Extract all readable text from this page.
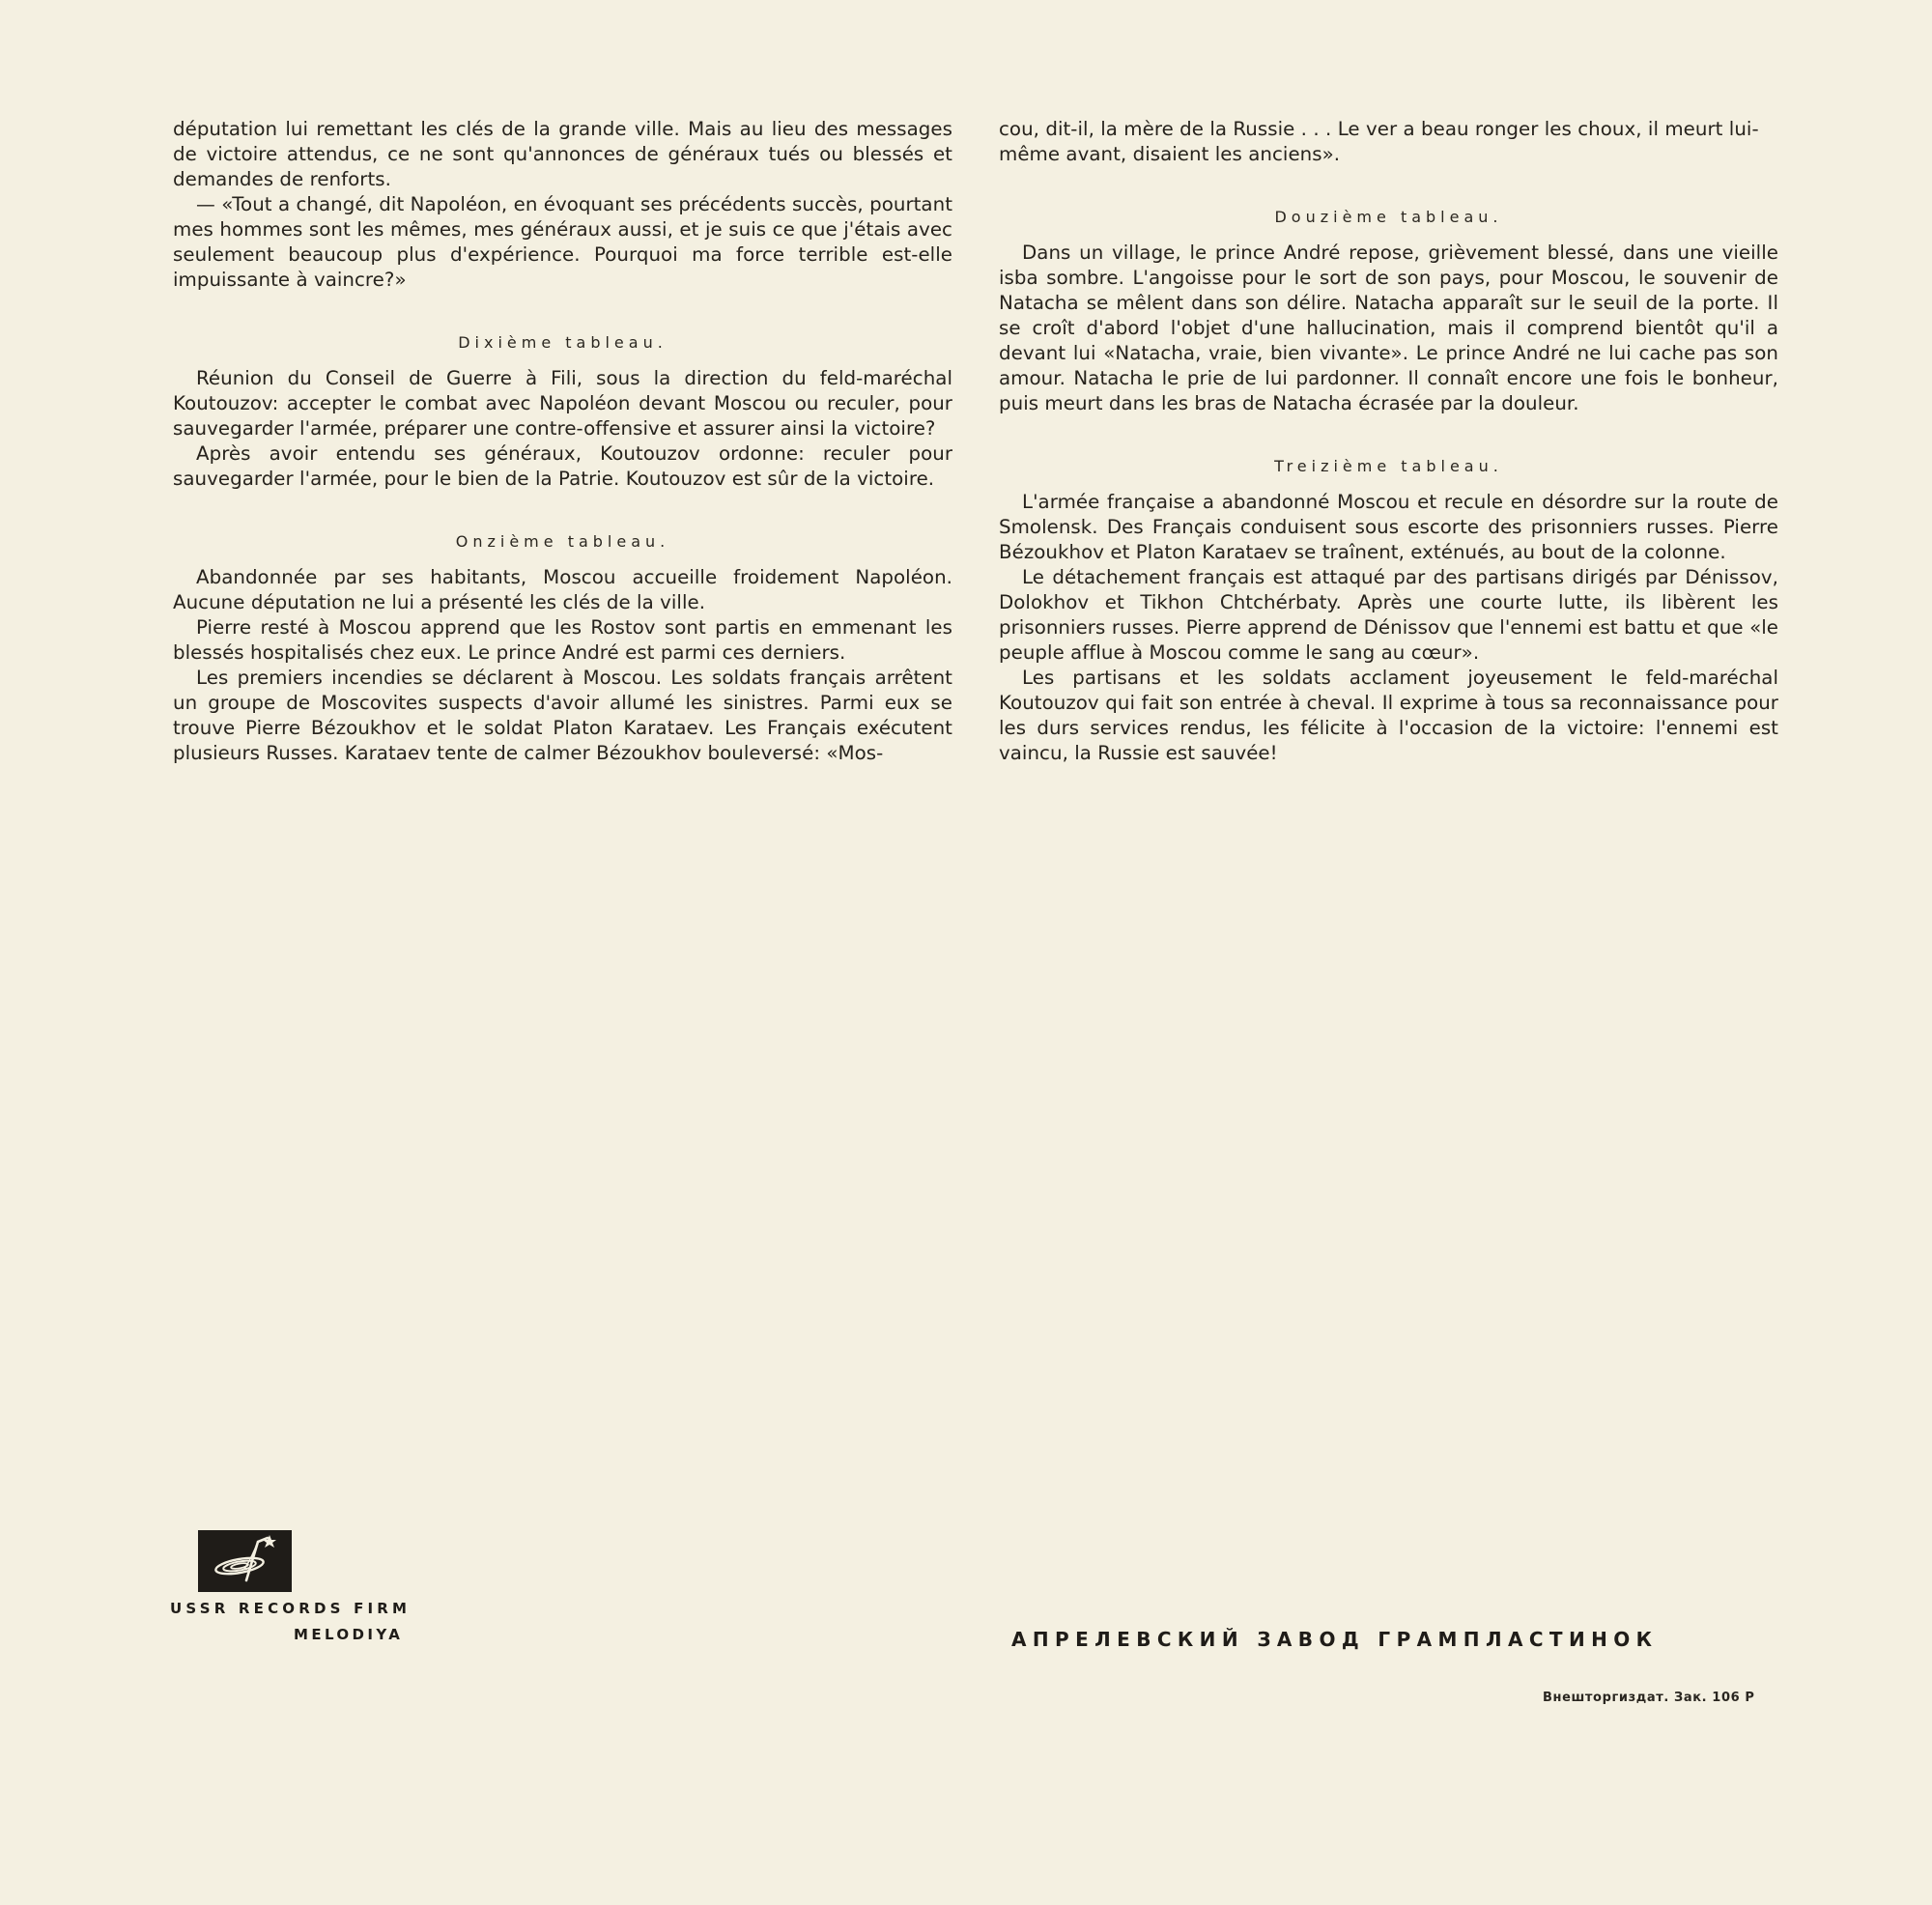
députation lui remettant les clés de la grande ville. Mais au lieu des messages de victoire attendus, ce ne sont qu'annonces de généraux tués ou blessés et demandes de renforts.

— «Tout a changé, dit Napoléon, en évoquant ses précédents succès, pourtant mes hommes sont les mêmes, mes généraux aussi, et je suis ce que j'étais avec seulement beaucoup plus d'expérience. Pourquoi ma force terrible est-elle impuissante à vaincre?»

Dixième tableau.

Réunion du Conseil de Guerre à Fili, sous la direction du feld-maréchal Koutouzov: accepter le combat avec Napoléon devant Moscou ou reculer, pour sauvegarder l'armée, préparer une contre-offensive et assurer ainsi la victoire?

Après avoir entendu ses généraux, Koutouzov ordonne: reculer pour sauvegarder l'armée, pour le bien de la Patrie. Koutouzov est sûr de la victoire.

Onzième tableau.

Abandonnée par ses habitants, Moscou accueille froidement Napoléon. Aucune députation ne lui a présenté les clés de la ville.

Pierre resté à Moscou apprend que les Rostov sont partis en emmenant les blessés hospitalisés chez eux. Le prince André est parmi ces derniers.

Les premiers incendies se déclarent à Moscou. Les soldats français arrêtent un groupe de Moscovites suspects d'avoir allumé les sinistres. Parmi eux se trouve Pierre Bézoukhov et le soldat Platon Karataev. Les Français exécutent plusieurs Russes. Karataev tente de calmer Bézoukhov bouleversé: «Mos-

cou, dit-il, la mère de la Russie . . . Le ver a beau ronger les choux, il meurt lui-même avant, disaient les anciens».

Douzième tableau.

Dans un village, le prince André repose, grièvement blessé, dans une vieille isba sombre. L'angoisse pour le sort de son pays, pour Moscou, le souvenir de Natacha se mêlent dans son délire. Natacha apparaît sur le seuil de la porte. Il se croît d'abord l'objet d'une hallucination, mais il comprend bientôt qu'il a devant lui «Natacha, vraie, bien vivante». Le prince André ne lui cache pas son amour. Natacha le prie de lui pardonner. Il connaît encore une fois le bonheur, puis meurt dans les bras de Natacha écrasée par la douleur.

Treizième tableau.

L'armée française a abandonné Moscou et recule en désordre sur la route de Smolensk. Des Français conduisent sous escorte des prisonniers russes. Pierre Bézoukhov et Platon Karataev se traînent, exténués, au bout de la colonne.

Le détachement français est attaqué par des partisans dirigés par Dénissov, Dolokhov et Tikhon Chtchérbaty. Après une courte lutte, ils libèrent les prisonniers russes. Pierre apprend de Dénissov que l'ennemi est battu et que «le peuple afflue à Moscou comme le sang au cœur».

Les partisans et les soldats acclament joyeusement le feld-maréchal Koutouzov qui fait son entrée à cheval. Il exprime à tous sa reconnaissance pour les durs services rendus, les félicite à l'occasion de la victoire: l'ennemi est vaincu, la Russie est sauvée!

USSR RECORDS FIRM
MELODIYA	АПРЕЛЕВСКИЙ ЗАВОД ГРАМПЛАСТИНОК
Внешторгиздат. Зак. 106 Р
